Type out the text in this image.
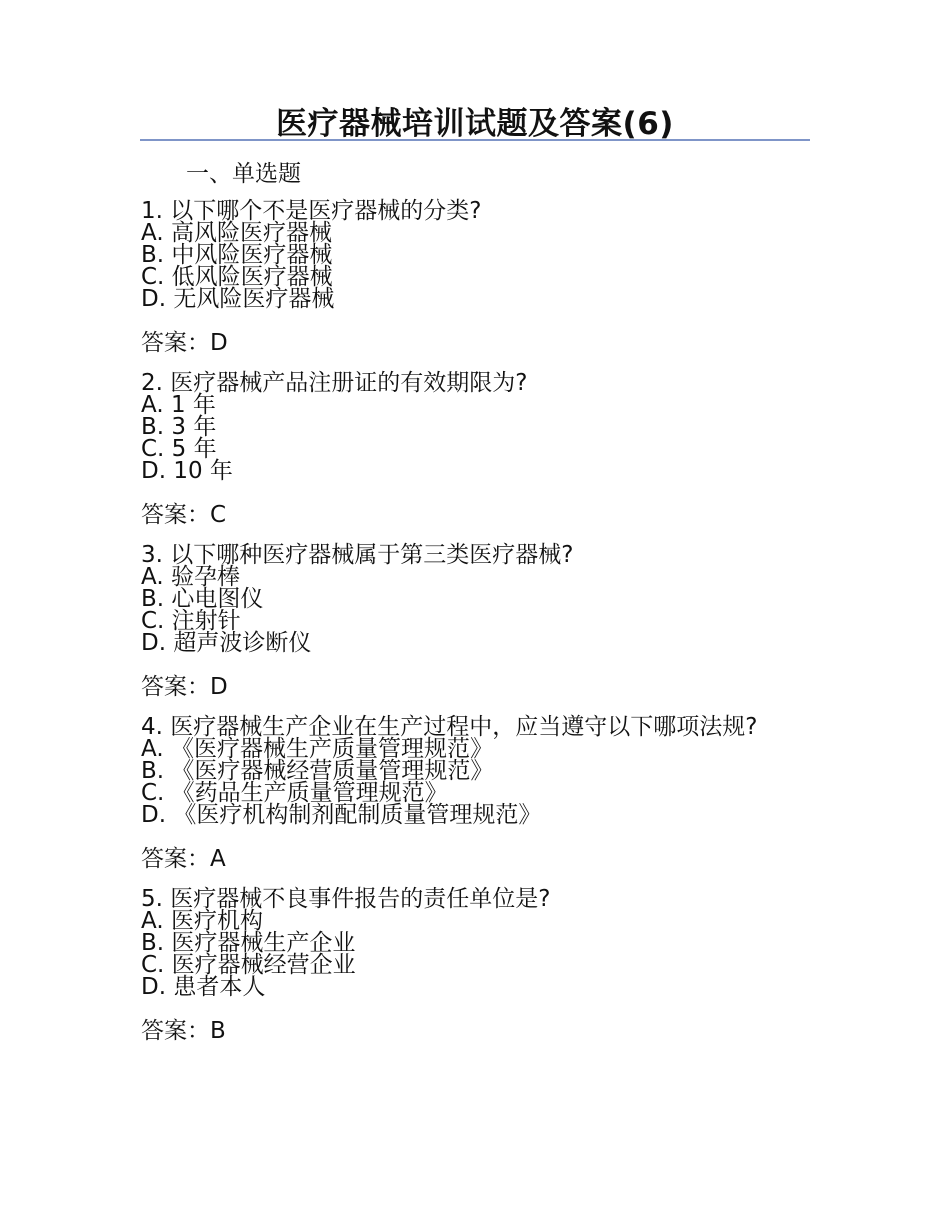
医疗器械培训试题及答案(6)
一、单选题
1. 以下哪个不是医疗器械的分类?
A. 高风险医疗器械
B. 中风险医疗器械
C. 低风险医疗器械
D. 无风险医疗器械
答案：D
2. 医疗器械产品注册证的有效期限为?
A. 1 年
B. 3 年
C. 5 年
D. 10 年
答案：C
3. 以下哪种医疗器械属于第三类医疗器械?
A. 验孕棒
B. 心电图仪
C. 注射针
D. 超声波诊断仪
答案：D
4. 医疗器械生产企业在生产过程中，应当遵守以下哪项法规?
A. 《医疗器械生产质量管理规范》
B. 《医疗器械经营质量管理规范》
C. 《药品生产质量管理规范》
D. 《医疗机构制剂配制质量管理规范》
答案：A
5. 医疗器械不良事件报告的责任单位是?
A. 医疗机构
B. 医疗器械生产企业
C. 医疗器械经营企业
D. 患者本人
答案：B
